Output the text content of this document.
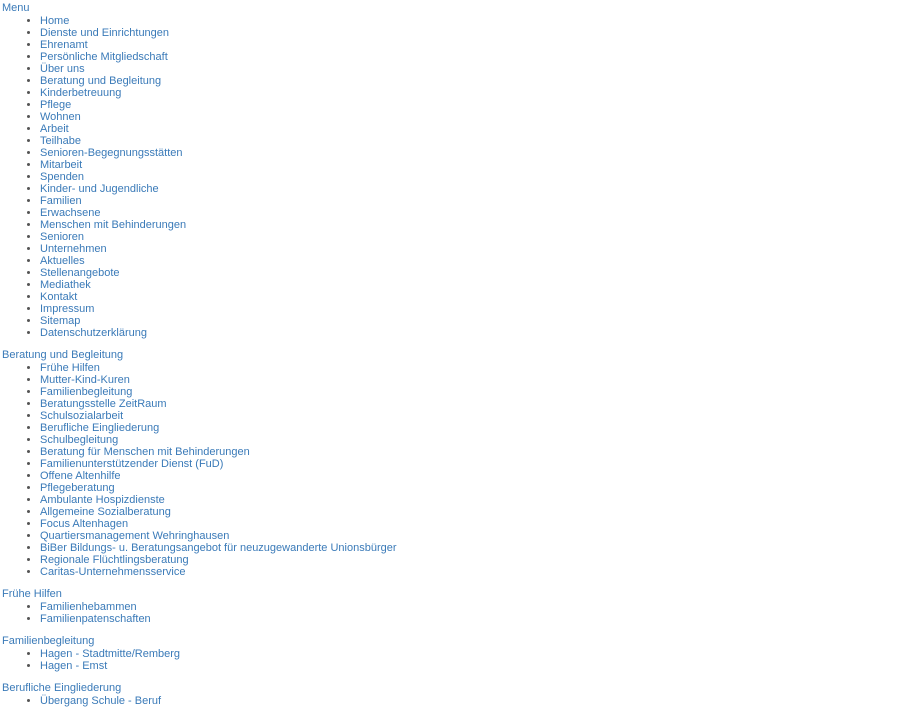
Menu
• Home
• Dienste und Einrichtungen
• Ehrenamt
• Persönliche Mitgliedschaft
• Über uns
• Beratung und Begleitung
• Kinderbetreuung
• Pflege
• Wohnen
• Arbeit
• Teilhabe
• Senioren-Begegnungsstätten
• Mitarbeit
• Spenden
• Kinder- und Jugendliche
• Familien
• Erwachsene
• Menschen mit Behinderungen
• Senioren
• Unternehmen
• Aktuelles
• Stellenangebote
• Mediathek
• Kontakt
• Impressum
• Sitemap
• Datenschutzerklärung
Beratung und Begleitung
• Frühe Hilfen
• Mutter-Kind-Kuren
• Familienbegleitung
• Beratungsstelle ZeitRaum
• Schulsozialarbeit
• Berufliche Eingliederung
• Schulbegleitung
• Beratung für Menschen mit Behinderungen
• Familienunterstützender Dienst (FuD)
• Offene Altenhilfe
• Pflegeberatung
• Ambulante Hospizdienste
• Allgemeine Sozialberatung
• Focus Altenhagen
• Quartiersmanagement Wehringhausen
• BiBer Bildungs- u. Beratungsangebot für neuzugewanderte Unionsbürger
• Regionale Flüchtlingsberatung
• Caritas-Unternehmensservice
Frühe Hilfen
• Familienhebammen
• Familienpatenschaften
Familienbegleitung
• Hagen - Stadtmitte/Remberg
• Hagen - Emst
Berufliche Eingliederung
• Übergang Schule - Beruf
